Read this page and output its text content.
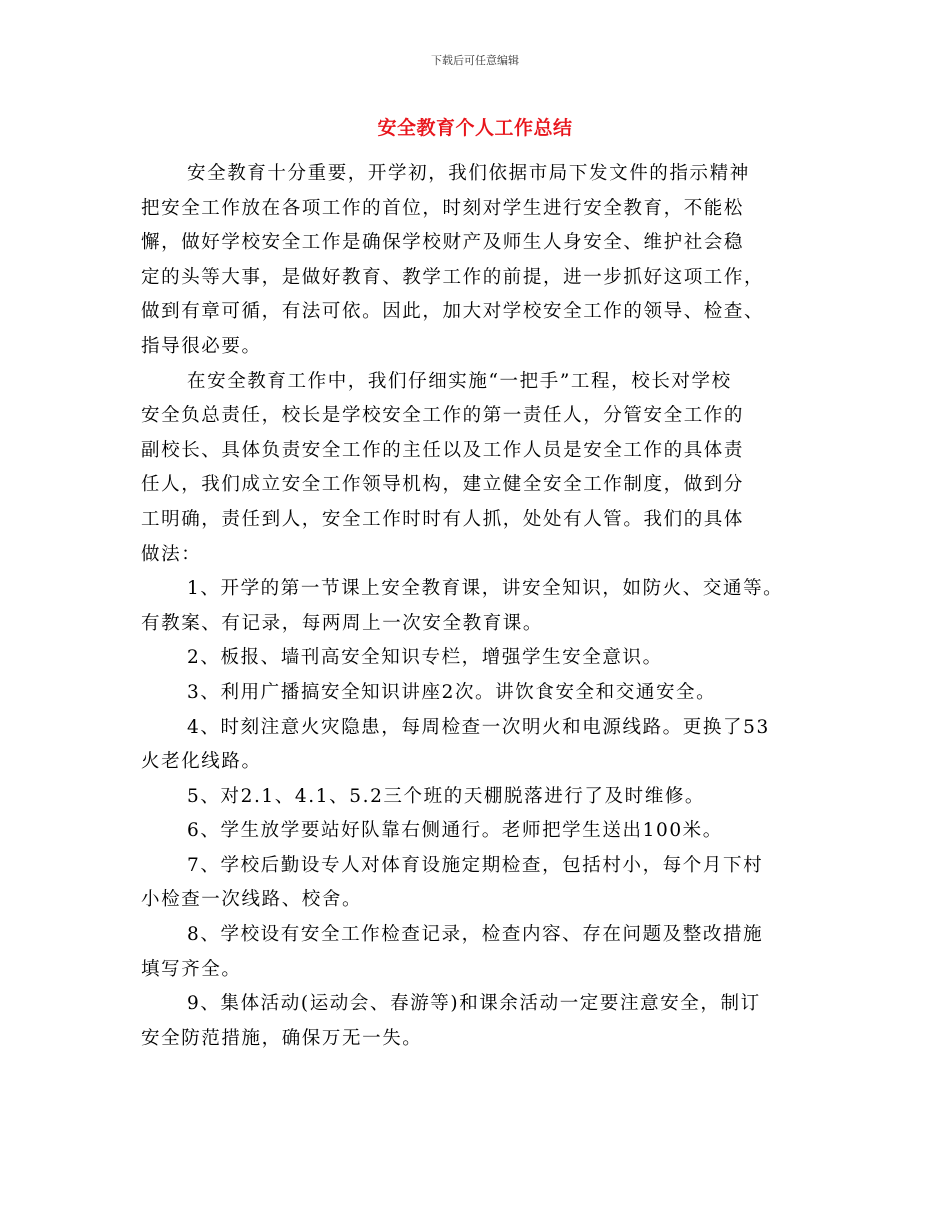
下载后可任意编辑
安全教育个人工作总结
安全教育十分重要，开学初，我们依据市局下发文件的指示精神
把安全工作放在各项工作的首位，时刻对学生进行安全教育，不能松
懈，做好学校安全工作是确保学校财产及师生人身安全、维护社会稳
定的头等大事，是做好教育、教学工作的前提，进一步抓好这项工作，
做到有章可循，有法可依。因此，加大对学校安全工作的领导、检查、
指导很必要。
在安全教育工作中，我们仔细实施“一把手”工程，校长对学校
安全负总责任，校长是学校安全工作的第一责任人，分管安全工作的
副校长、具体负责安全工作的主任以及工作人员是安全工作的具体责
任人，我们成立安全工作领导机构，建立健全安全工作制度，做到分
工明确，责任到人，安全工作时时有人抓，处处有人管。我们的具体
做法：
1、开学的第一节课上安全教育课，讲安全知识，如防火、交通等。
有教案、有记录，每两周上一次安全教育课。
2、板报、墙刊高安全知识专栏，增强学生安全意识。
3、利用广播搞安全知识讲座2次。讲饮食安全和交通安全。
4、时刻注意火灾隐患，每周检查一次明火和电源线路。更换了53
火老化线路。
5、对2.1、4.1、5.2三个班的天棚脱落进行了及时维修。
6、学生放学要站好队靠右侧通行。老师把学生送出100米。
7、学校后勤设专人对体育设施定期检查，包括村小，每个月下村
小检查一次线路、校舍。
8、学校设有安全工作检查记录，检查内容、存在问题及整改措施
填写齐全。
9、集体活动(运动会、春游等)和课余活动一定要注意安全，制订
安全防范措施，确保万无一失。
